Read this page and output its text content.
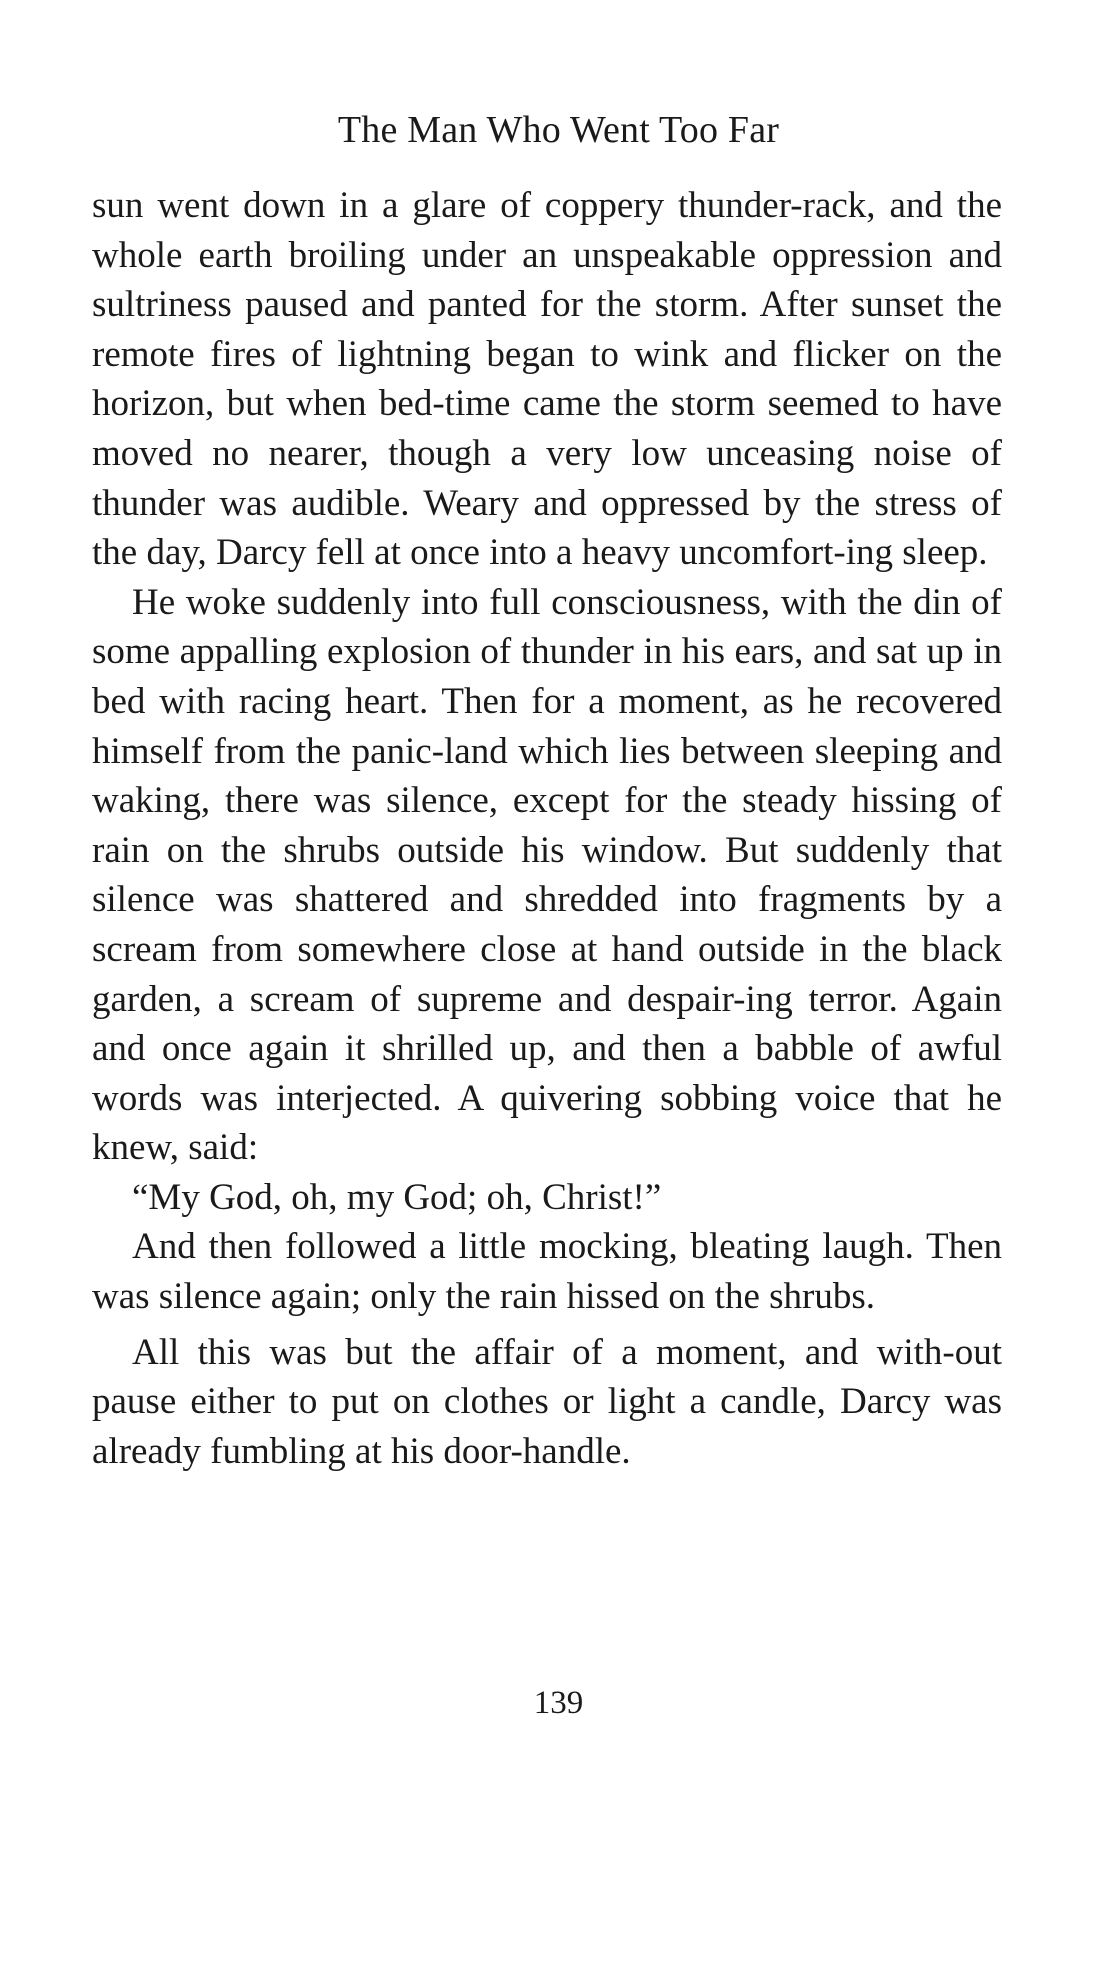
The Man Who Went Too Far

sun went down in a glare of coppery thunder-rack, and the whole earth broiling under an unspeakable oppression and sultriness paused and panted for the storm. After sunset the remote fires of lightning began to wink and flicker on the horizon, but when bed-time came the storm seemed to have moved no nearer, though a very low unceasing noise of thunder was audible. Weary and oppressed by the stress of the day, Darcy fell at once into a heavy uncomfort-ing sleep.

He woke suddenly into full consciousness, with the din of some appalling explosion of thunder in his ears, and sat up in bed with racing heart. Then for a moment, as he recovered himself from the panic-land which lies between sleeping and waking, there was silence, except for the steady hissing of rain on the shrubs outside his window. But suddenly that silence was shattered and shredded into fragments by a scream from somewhere close at hand outside in the black garden, a scream of supreme and despair-ing terror. Again and once again it shrilled up, and then a babble of awful words was interjected. A quivering sobbing voice that he knew, said:

“My God, oh, my God; oh, Christ!”

And then followed a little mocking, bleating laugh. Then was silence again; only the rain hissed on the shrubs.

All this was but the affair of a moment, and with-out pause either to put on clothes or light a candle, Darcy was already fumbling at his door-handle.

139
